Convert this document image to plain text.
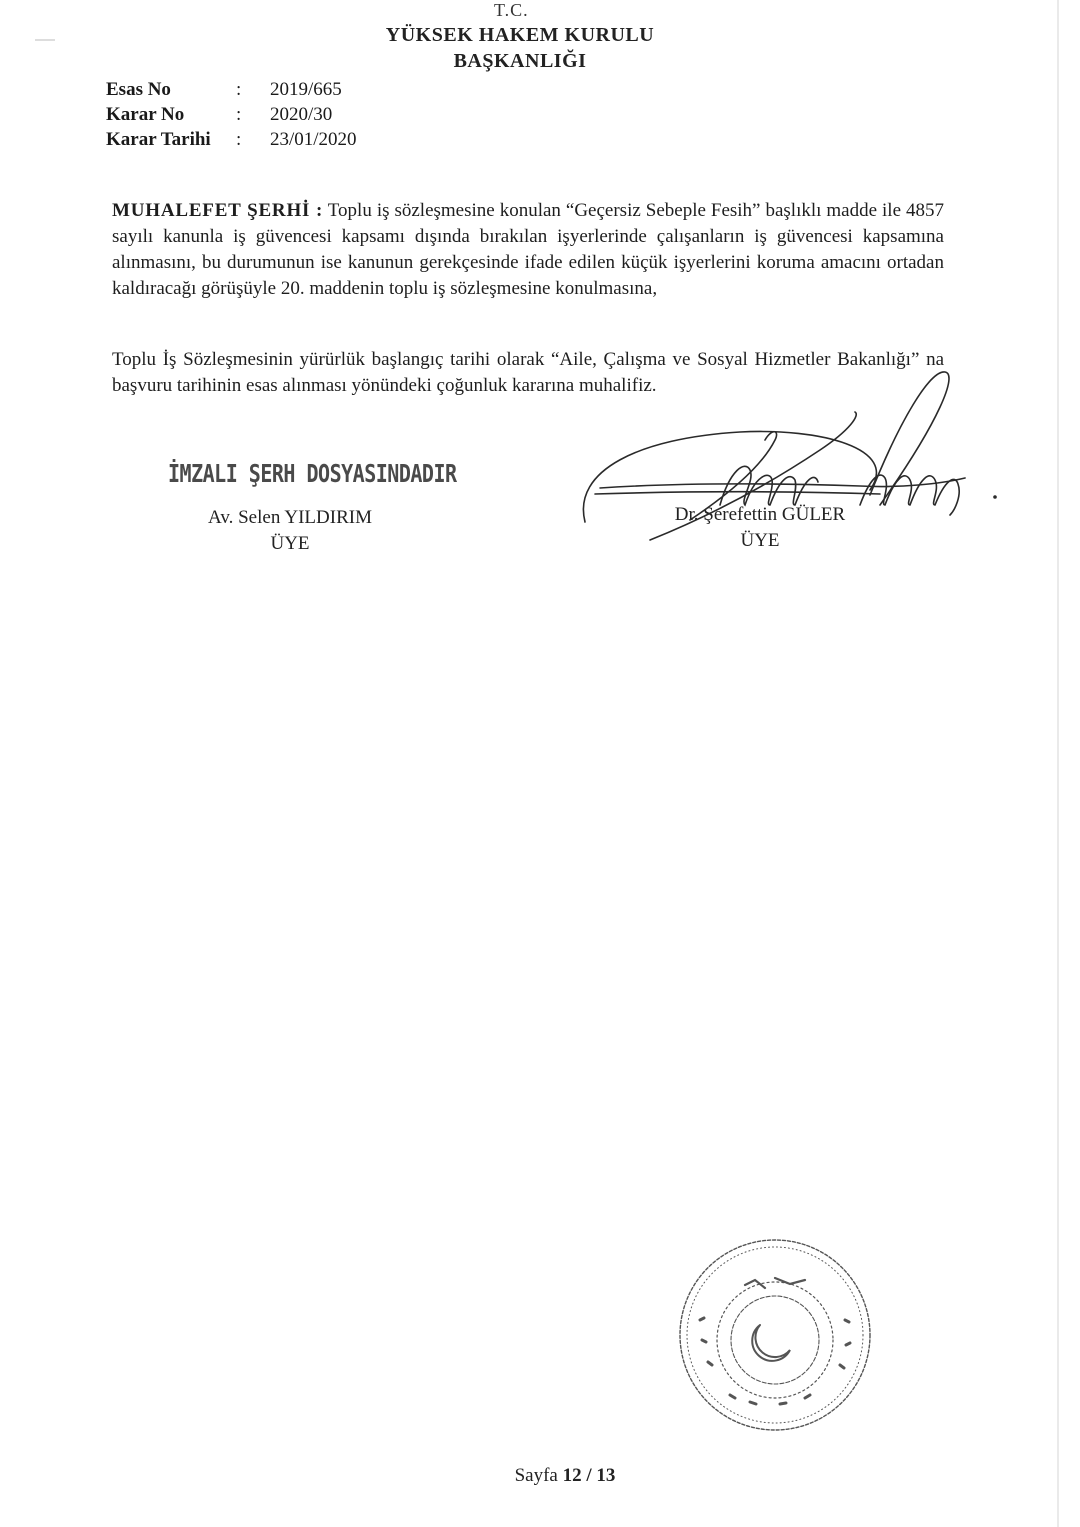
T.C.
YÜKSEK HAKEM KURULU
BAŞKANLIĞI
Esas No	:	2019/665
Karar No	:	2020/30
Karar Tarihi	:	23/01/2020
MUHALEFET ŞERHİ : Toplu iş sözleşmesine konulan “Geçersiz Sebeple Fesih” başlıklı madde ile 4857 sayılı kanunla iş güvencesi kapsamı dışında bırakılan işyerlerinde çalışanların iş güvencesi kapsamına alınmasını, bu durumunun ise kanunun gerekçesinde ifade edilen küçük işyerlerini koruma amacını ortadan kaldıracağı görüşüyle 20. maddenin toplu iş sözleşmesine konulmasına,
Toplu İş Sözleşmesinin yürürlük başlangıç tarihi olarak “Aile, Çalışma ve Sosyal Hizmetler Bakanlığı” na başvuru tarihinin esas alınması yönündeki çoğunluk kararına muhalifiz.
İMZALI ŞERH DOSYASINDADIR
Av. Selen YILDIRIM
ÜYE
Dr. Şerefettin GÜLER
ÜYE
Sayfa 12 / 13
